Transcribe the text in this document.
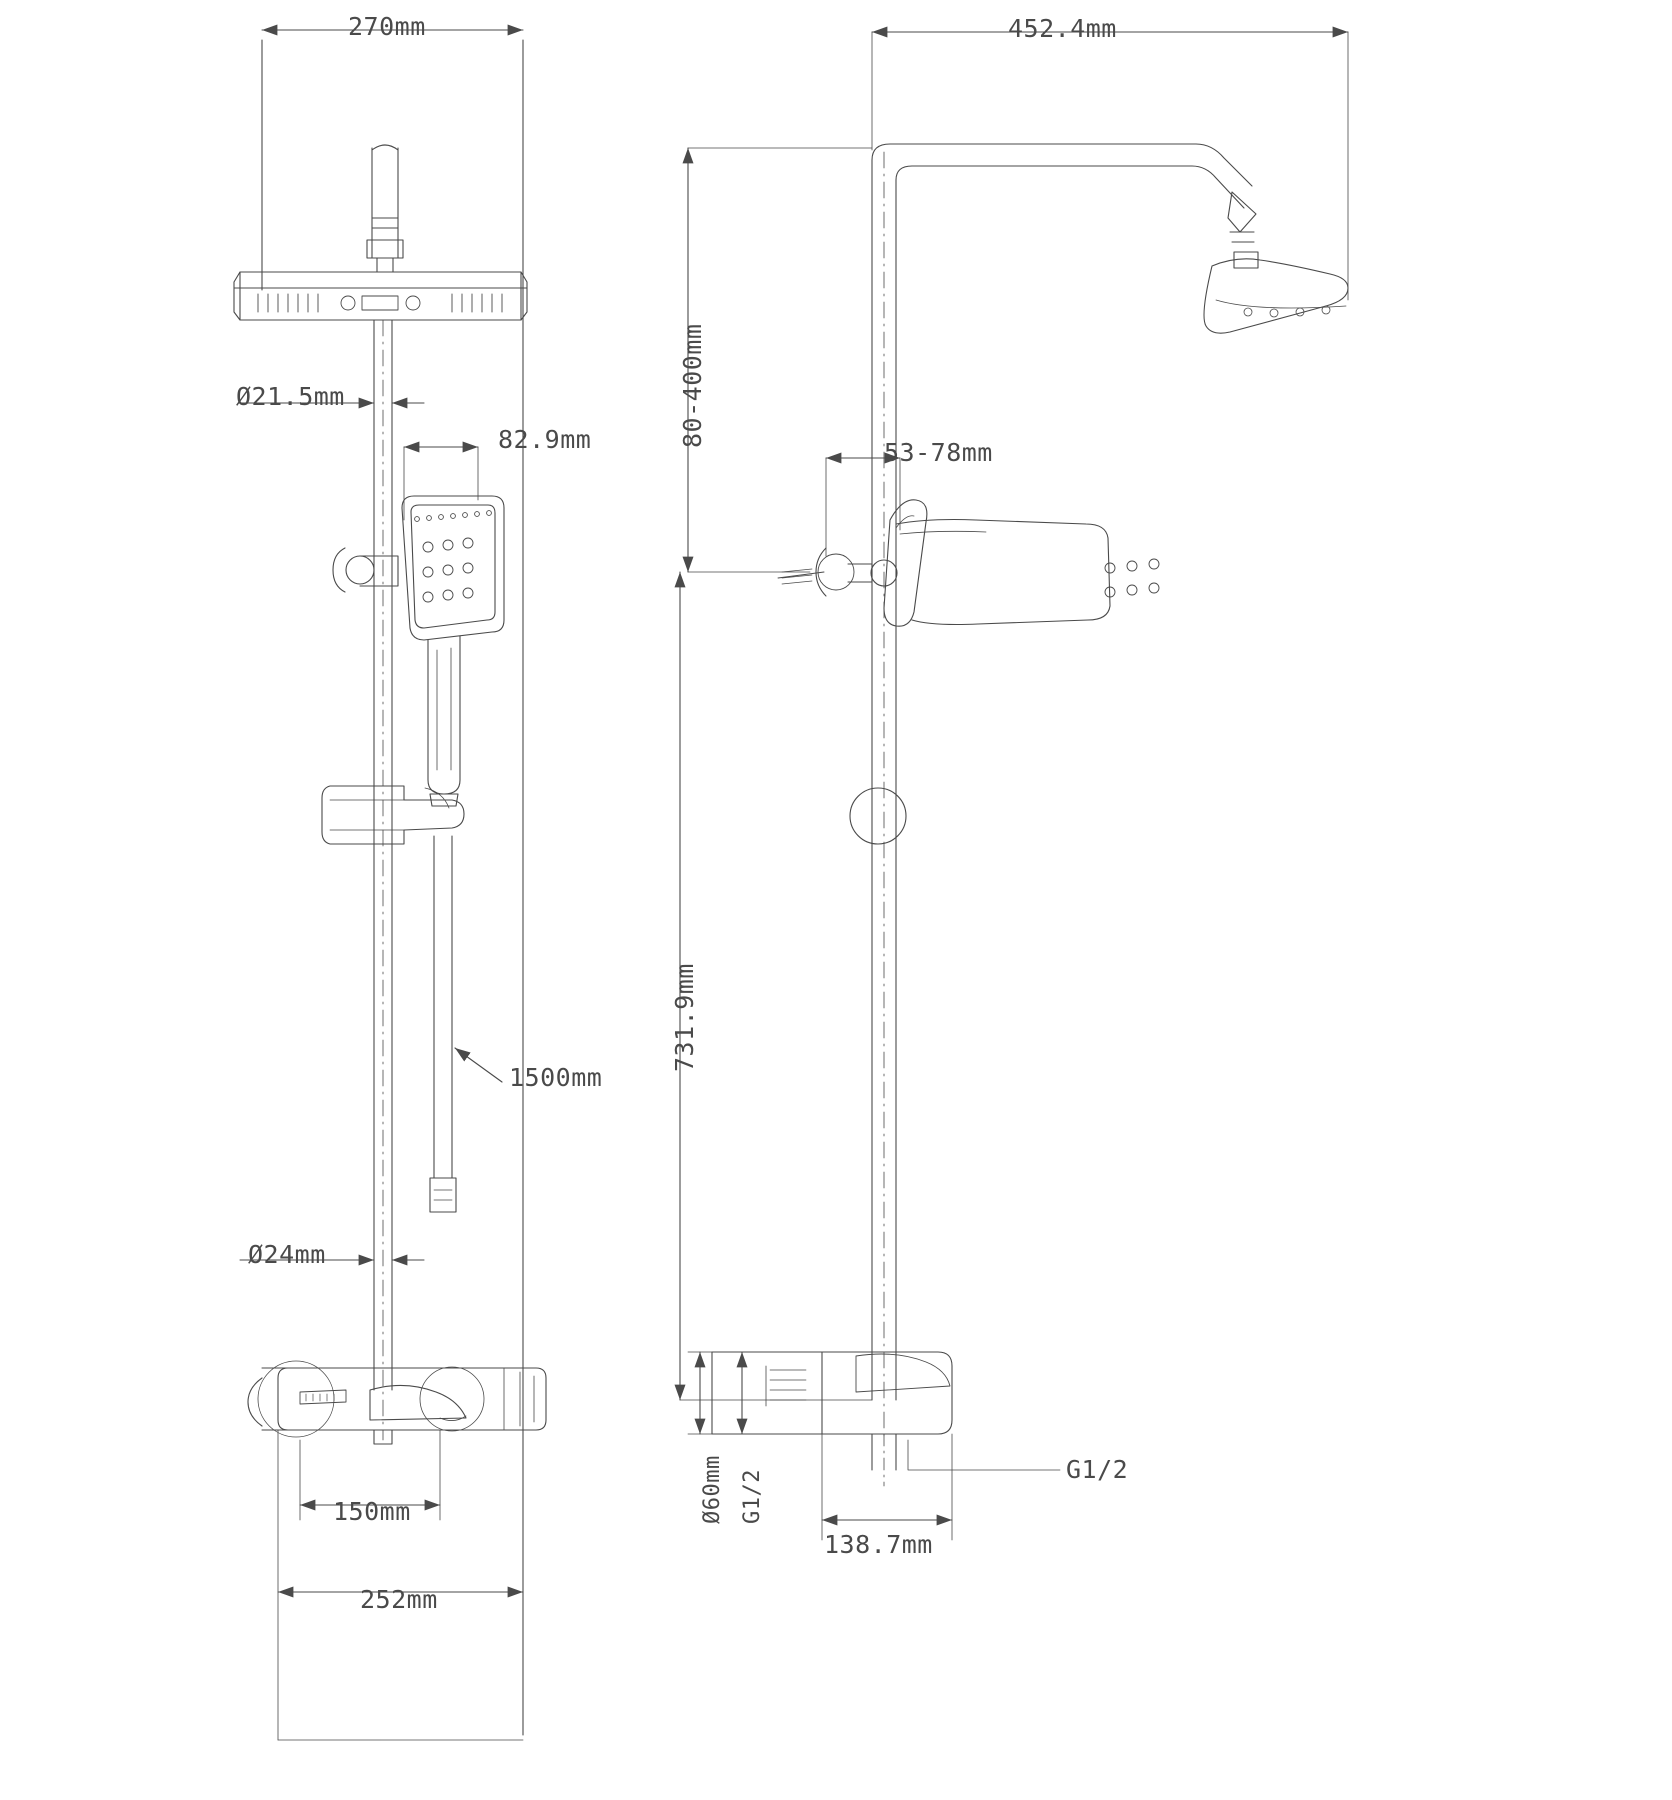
270mm
Ø21.5mm
82.9mm
1500mm
Ø24mm
150mm
252mm
452.4mm
80-400mm
53-78mm
731.9mm
Ø60mm G1/2
138.7mm
G1/2
